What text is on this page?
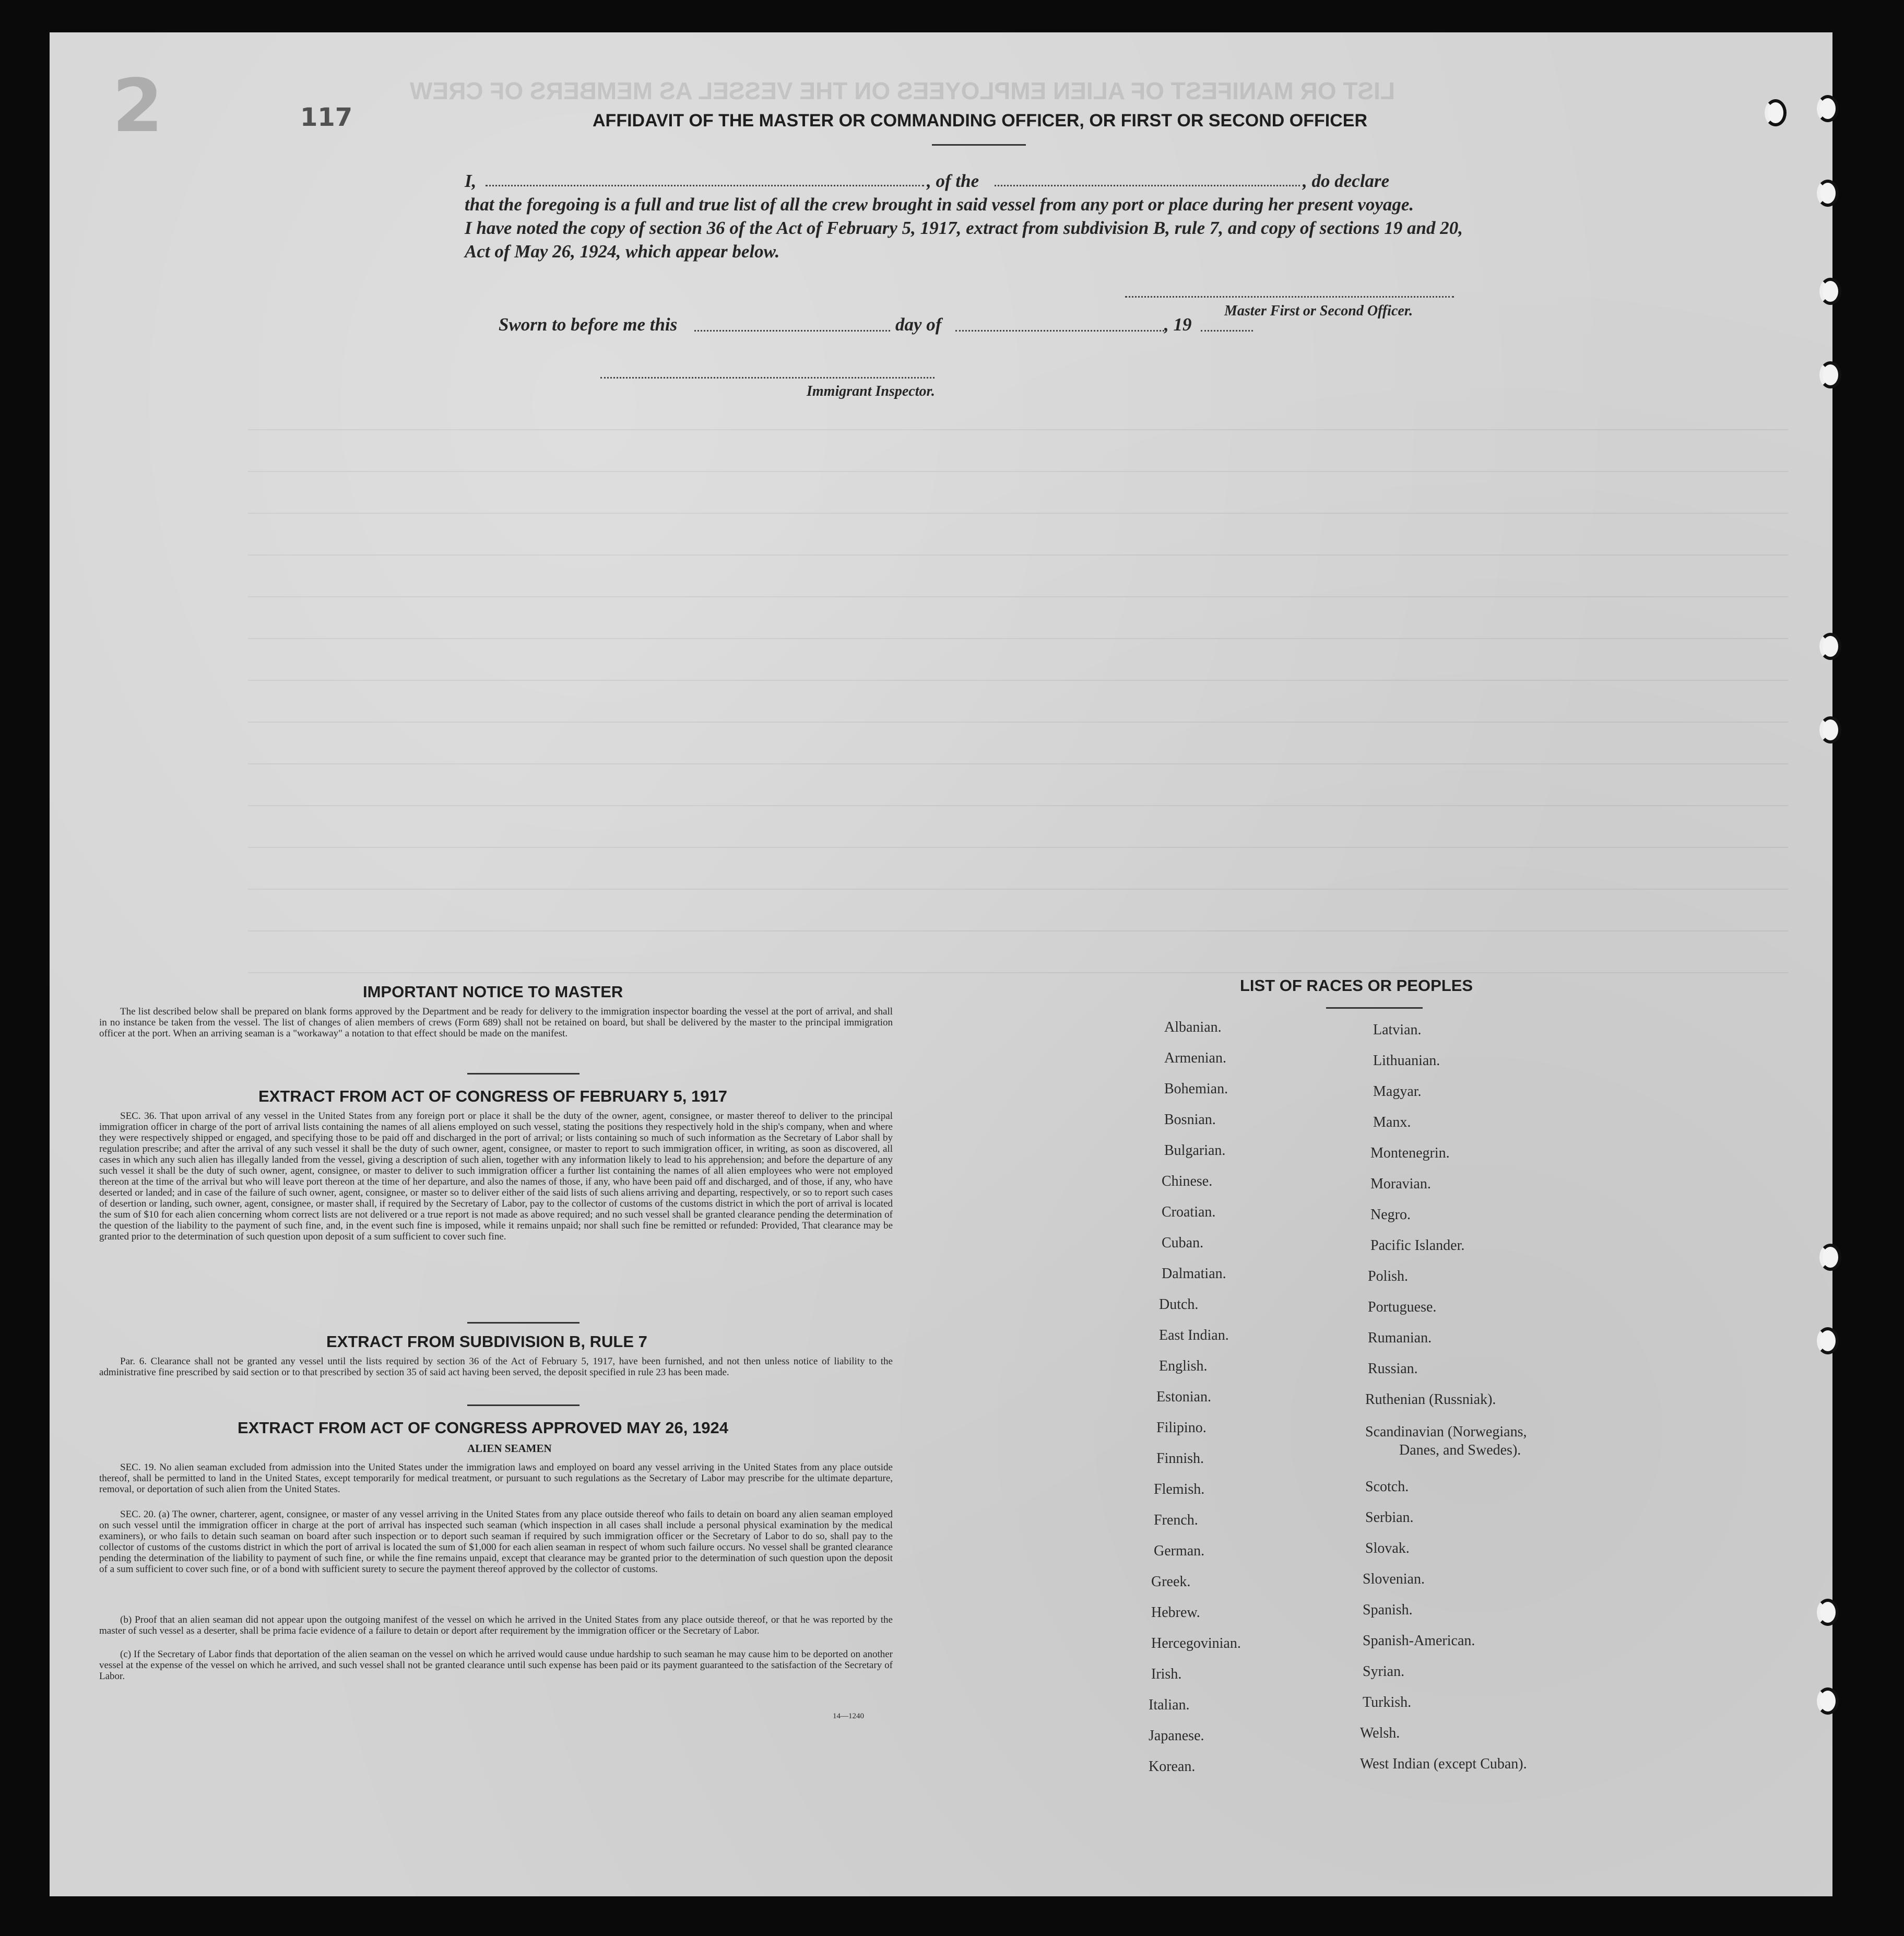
117
2	LIST OR MANIFEST OF ALIEN EMPLOYEES ON THE VESSEL AS MEMBERS OF CREW
AFFIDAVIT OF THE MASTER OR COMMANDING OFFICER, OR FIRST OR SECOND OFFICER
I,	, of the	, do declare
that the foregoing is a full and true list of all the crew brought in said vessel from any port or place during her present voyage.
I have noted the copy of section 36 of the Act of February 5, 1917, extract from subdivision B, rule 7, and copy of sections 19 and 20,
Act of May 26, 1924, which appear below.
Master First or Second Officer.
Sworn to before me this	day of	, 19
Immigrant Inspector.
IMPORTANT NOTICE TO MASTER

The list described below shall be prepared on blank forms approved by the Department and be ready for delivery to the immigration inspector boarding the vessel at the port of arrival, and shall in no instance be taken from the vessel. The list of changes of alien members of crews (Form 689) shall not be retained on board, but shall be delivered by the master to the principal immigration officer at the port. When an arriving seaman is a "workaway" a notation to that effect should be made on the manifest.

EXTRACT FROM ACT OF CONGRESS OF FEBRUARY 5, 1917

SEC. 36. That upon arrival of any vessel in the United States from any foreign port or place it shall be the duty of the owner, agent, consignee, or master thereof to deliver to the principal immigration officer in charge of the port of arrival lists containing the names of all aliens employed on such vessel, stating the positions they respectively hold in the ship's company, when and where they were respectively shipped or engaged, and specifying those to be paid off and discharged in the port of arrival; or lists containing so much of such information as the Secretary of Labor shall by regulation prescribe; and after the arrival of any such vessel it shall be the duty of such owner, agent, consignee, or master to report to such immigration officer, in writing, as soon as discovered, all cases in which any such alien has illegally landed from the vessel, giving a description of such alien, together with any information likely to lead to his apprehension; and before the departure of any such vessel it shall be the duty of such owner, agent, consignee, or master to deliver to such immigration officer a further list containing the names of all alien employees who were not employed thereon at the time of the arrival but who will leave port thereon at the time of her departure, and also the names of those, if any, who have been paid off and discharged, and of those, if any, who have deserted or landed; and in case of the failure of such owner, agent, consignee, or master so to deliver either of the said lists of such aliens arriving and departing, respectively, or so to report such cases of desertion or landing, such owner, agent, consignee, or master shall, if required by the Secretary of Labor, pay to the collector of customs of the customs district in which the port of arrival is located the sum of $10 for each alien concerning whom correct lists are not delivered or a true report is not made as above required; and no such vessel shall be granted clearance pending the determination of the question of the liability to the payment of such fine, and, in the event such fine is imposed, while it remains unpaid; nor shall such fine be remitted or refunded: Provided, That clearance may be granted prior to the determination of such question upon deposit of a sum sufficient to cover such fine.

EXTRACT FROM SUBDIVISION B, RULE 7

Par. 6. Clearance shall not be granted any vessel until the lists required by section 36 of the Act of February 5, 1917, have been furnished, and not then unless notice of liability to the administrative fine prescribed by said section or to that prescribed by section 35 of said act having been served, the deposit specified in rule 23 has been made.

EXTRACT FROM ACT OF CONGRESS APPROVED MAY 26, 1924
ALIEN SEAMEN

SEC. 19. No alien seaman excluded from admission into the United States under the immigration laws and employed on board any vessel arriving in the United States from any place outside thereof, shall be permitted to land in the United States, except temporarily for medical treatment, or pursuant to such regulations as the Secretary of Labor may prescribe for the ultimate departure, removal, or deportation of such alien from the United States.

SEC. 20. (a) The owner, charterer, agent, consignee, or master of any vessel arriving in the United States from any place outside thereof who fails to detain on board any alien seaman employed on such vessel until the immigration officer in charge at the port of arrival has inspected such seaman (which inspection in all cases shall include a personal physical examination by the medical examiners), or who fails to detain such seaman on board after such inspection or to deport such seaman if required by such immigration officer or the Secretary of Labor to do so, shall pay to the collector of customs of the customs district in which the port of arrival is located the sum of $1,000 for each alien seaman in respect of whom such failure occurs. No vessel shall be granted clearance pending the determination of the liability to payment of such fine, or while the fine remains unpaid, except that clearance may be granted prior to the determination of such question upon the deposit of a sum sufficient to cover such fine, or of a bond with sufficient surety to secure the payment thereof approved by the collector of customs.

(b) Proof that an alien seaman did not appear upon the outgoing manifest of the vessel on which he arrived in the United States from any place outside thereof, or that he was reported by the master of such vessel as a deserter, shall be prima facie evidence of a failure to detain or deport after requirement by the immigration officer or the Secretary of Labor.

(c) If the Secretary of Labor finds that deportation of the alien seaman on the vessel on which he arrived would cause undue hardship to such seaman he may cause him to be deported on another vessel at the expense of the vessel on which he arrived, and such vessel shall not be granted clearance until such expense has been paid or its payment guaranteed to the satisfaction of the Secretary of Labor.

14—1240
LIST OF RACES OR PEOPLES
Albanian.
Armenian.
Bohemian.
Bosnian.
Bulgarian.
Chinese.
Croatian.
Cuban.
Dalmatian.
Dutch.
East Indian.
English.
Estonian.
Filipino.
Finnish.
Flemish.
French.
German.
Greek.
Hebrew.
Hercegovinian.
Irish.
Italian.
Japanese.
Korean.
Latvian.
Lithuanian.
Magyar.
Manx.
Montenegrin.
Moravian.
Negro.
Pacific Islander.
Polish.
Portuguese.
Rumanian.
Russian.
Ruthenian (Russniak).
Scandinavian (Norwegians,
Danes, and Swedes).
Scotch.
Serbian.
Slovak.
Slovenian.
Spanish.
Spanish-American.
Syrian.
Turkish.
Welsh.
West Indian (except Cuban).
